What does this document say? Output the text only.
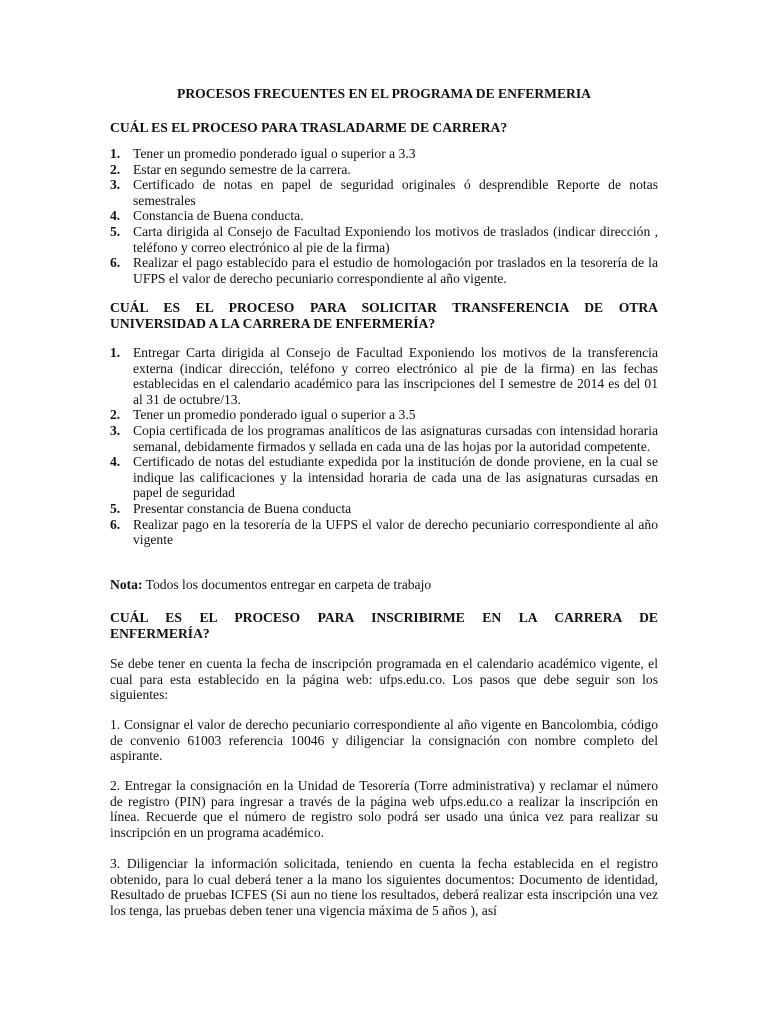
PROCESOS FRECUENTES EN EL PROGRAMA DE ENFERMERIA
CUÁL ES EL PROCESO PARA TRASLADARME DE CARRERA?
1. Tener un promedio ponderado igual o superior a 3.3
2. Estar en segundo semestre de la carrera.
3. Certificado de notas en papel de seguridad originales ó desprendible Reporte de notas semestrales
4. Constancia de Buena conducta.
5. Carta dirigida al Consejo de Facultad Exponiendo los motivos de traslados (indicar dirección , teléfono y correo electrónico al pie de la firma)
6. Realizar el pago establecido para el estudio de homologación por traslados en la tesorería de la UFPS el valor de derecho pecuniario correspondiente al año vigente.
CUÁL ES EL PROCESO PARA SOLICITAR TRANSFERENCIA DE OTRA
UNIVERSIDAD A LA CARRERA DE ENFERMERÍA?
1. Entregar Carta dirigida al Consejo de Facultad Exponiendo los motivos de la transferencia externa (indicar dirección, teléfono y correo electrónico al pie de la firma) en las fechas establecidas en el calendario académico para las inscripciones del I semestre de 2014 es del 01 al 31 de octubre/13.
2. Tener un promedio ponderado igual o superior a 3.5
3. Copia certificada de los programas analíticos de las asignaturas cursadas con intensidad horaria semanal, debidamente firmados y sellada en cada una de las hojas por la autoridad competente.
4. Certificado de notas del estudiante expedida por la institución de donde proviene, en la cual se indique las calificaciones y la intensidad horaria de cada una de las asignaturas cursadas en papel de seguridad
5. Presentar constancia de Buena conducta
6. Realizar pago en la tesorería de la UFPS el valor de derecho pecuniario correspondiente al año vigente

Nota: Todos los documentos entregar en carpeta de trabajo

CUÁL ES EL PROCESO PARA INSCRIBIRME EN LA CARRERA DE
ENFERMERÍA?

Se debe tener en cuenta la fecha de inscripción programada en el calendario académico vigente, el cual para esta establecido en la página web: ufps.edu.co. Los pasos que debe seguir son los siguientes:

1. Consignar el valor de derecho pecuniario correspondiente al año vigente en Bancolombia, código de convenio 61003 referencia 10046 y diligenciar la consignación con nombre completo del aspirante.

2. Entregar la consignación en la Unidad de Tesorería (Torre administrativa) y reclamar el número de registro (PIN) para ingresar a través de la página web ufps.edu.co a realizar la inscripción en línea. Recuerde que el número de registro solo podrá ser usado una única vez para realizar su inscripción en un programa académico.

3. Diligenciar la información solicitada, teniendo en cuenta la fecha establecida en el registro obtenido, para lo cual deberá tener a la mano los siguientes documentos: Documento de identidad, Resultado de pruebas ICFES (Si aun no tiene los resultados, deberá realizar esta inscripción una vez los tenga, las pruebas deben tener una vigencia máxima de 5 años ), así
